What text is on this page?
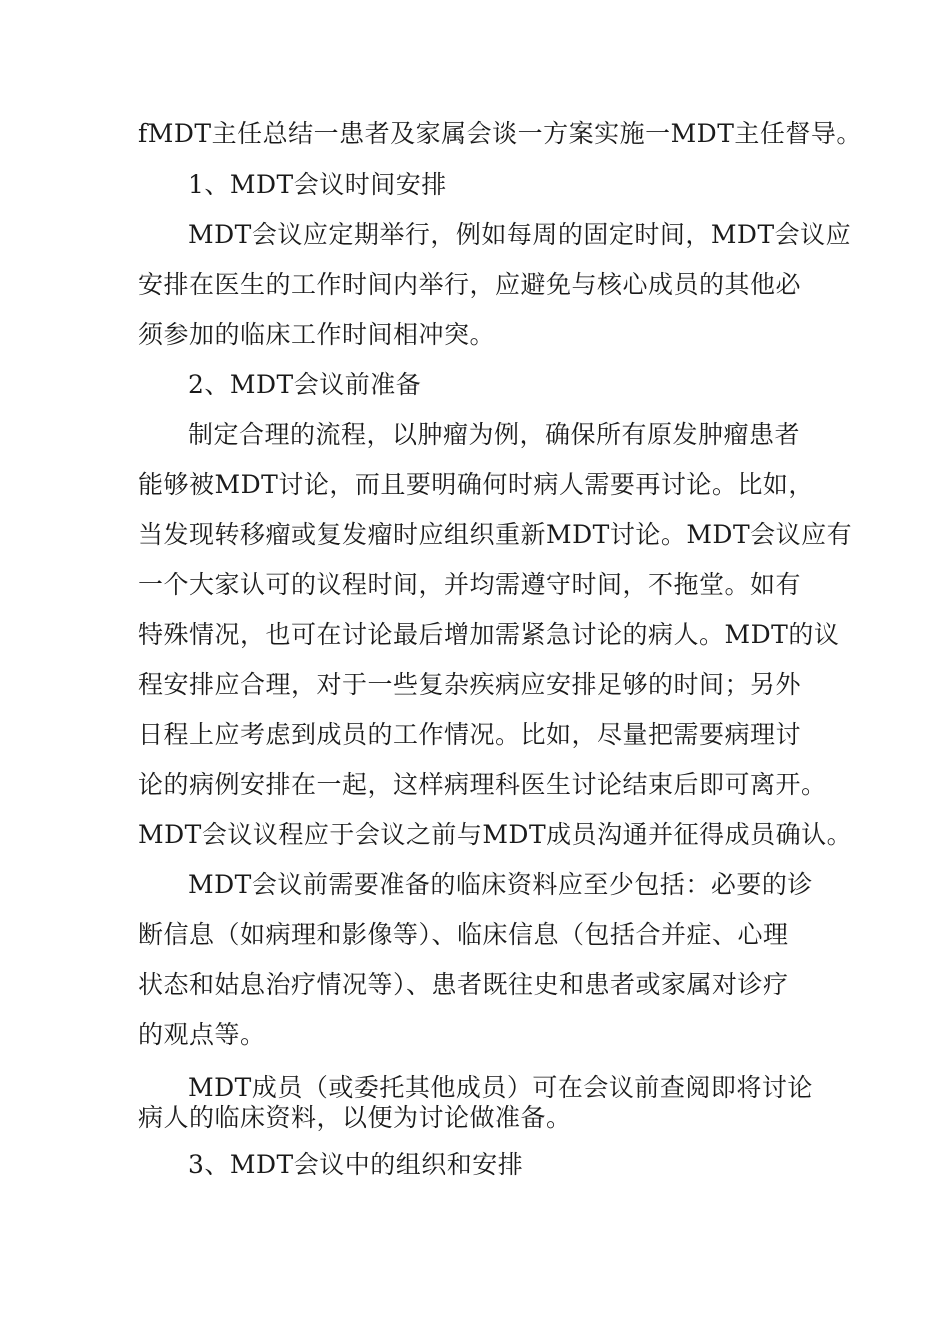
fMDT主任总结一患者及家属会谈一方案实施一MDT主任督导。
1、MDT会议时间安排
MDT会议应定期举行，例如每周的固定时间，MDT会议应
安排在医生的工作时间内举行，应避免与核心成员的其他必
须参加的临床工作时间相冲突。
2、MDT会议前准备
制定合理的流程，以肿瘤为例，确保所有原发肿瘤患者
能够被MDT讨论，而且要明确何时病人需要再讨论。比如，
当发现转移瘤或复发瘤时应组织重新MDT讨论。MDT会议应有
一个大家认可的议程时间，并均需遵守时间，不拖堂。如有
特殊情况，也可在讨论最后增加需紧急讨论的病人。MDT的议
程安排应合理，对于一些复杂疾病应安排足够的时间；另外
日程上应考虑到成员的工作情况。比如，尽量把需要病理讨
论的病例安排在一起，这样病理科医生讨论结束后即可离开。
MDT会议议程应于会议之前与MDT成员沟通并征得成员确认。
MDT会议前需要准备的临床资料应至少包括：必要的诊
断信息（如病理和影像等）、临床信息（包括合并症、心理
状态和姑息治疗情况等）、患者既往史和患者或家属对诊疗
的观点等。
MDT成员（或委托其他成员）可在会议前查阅即将讨论
病人的临床资料，以便为讨论做准备。
3、MDT会议中的组织和安排
